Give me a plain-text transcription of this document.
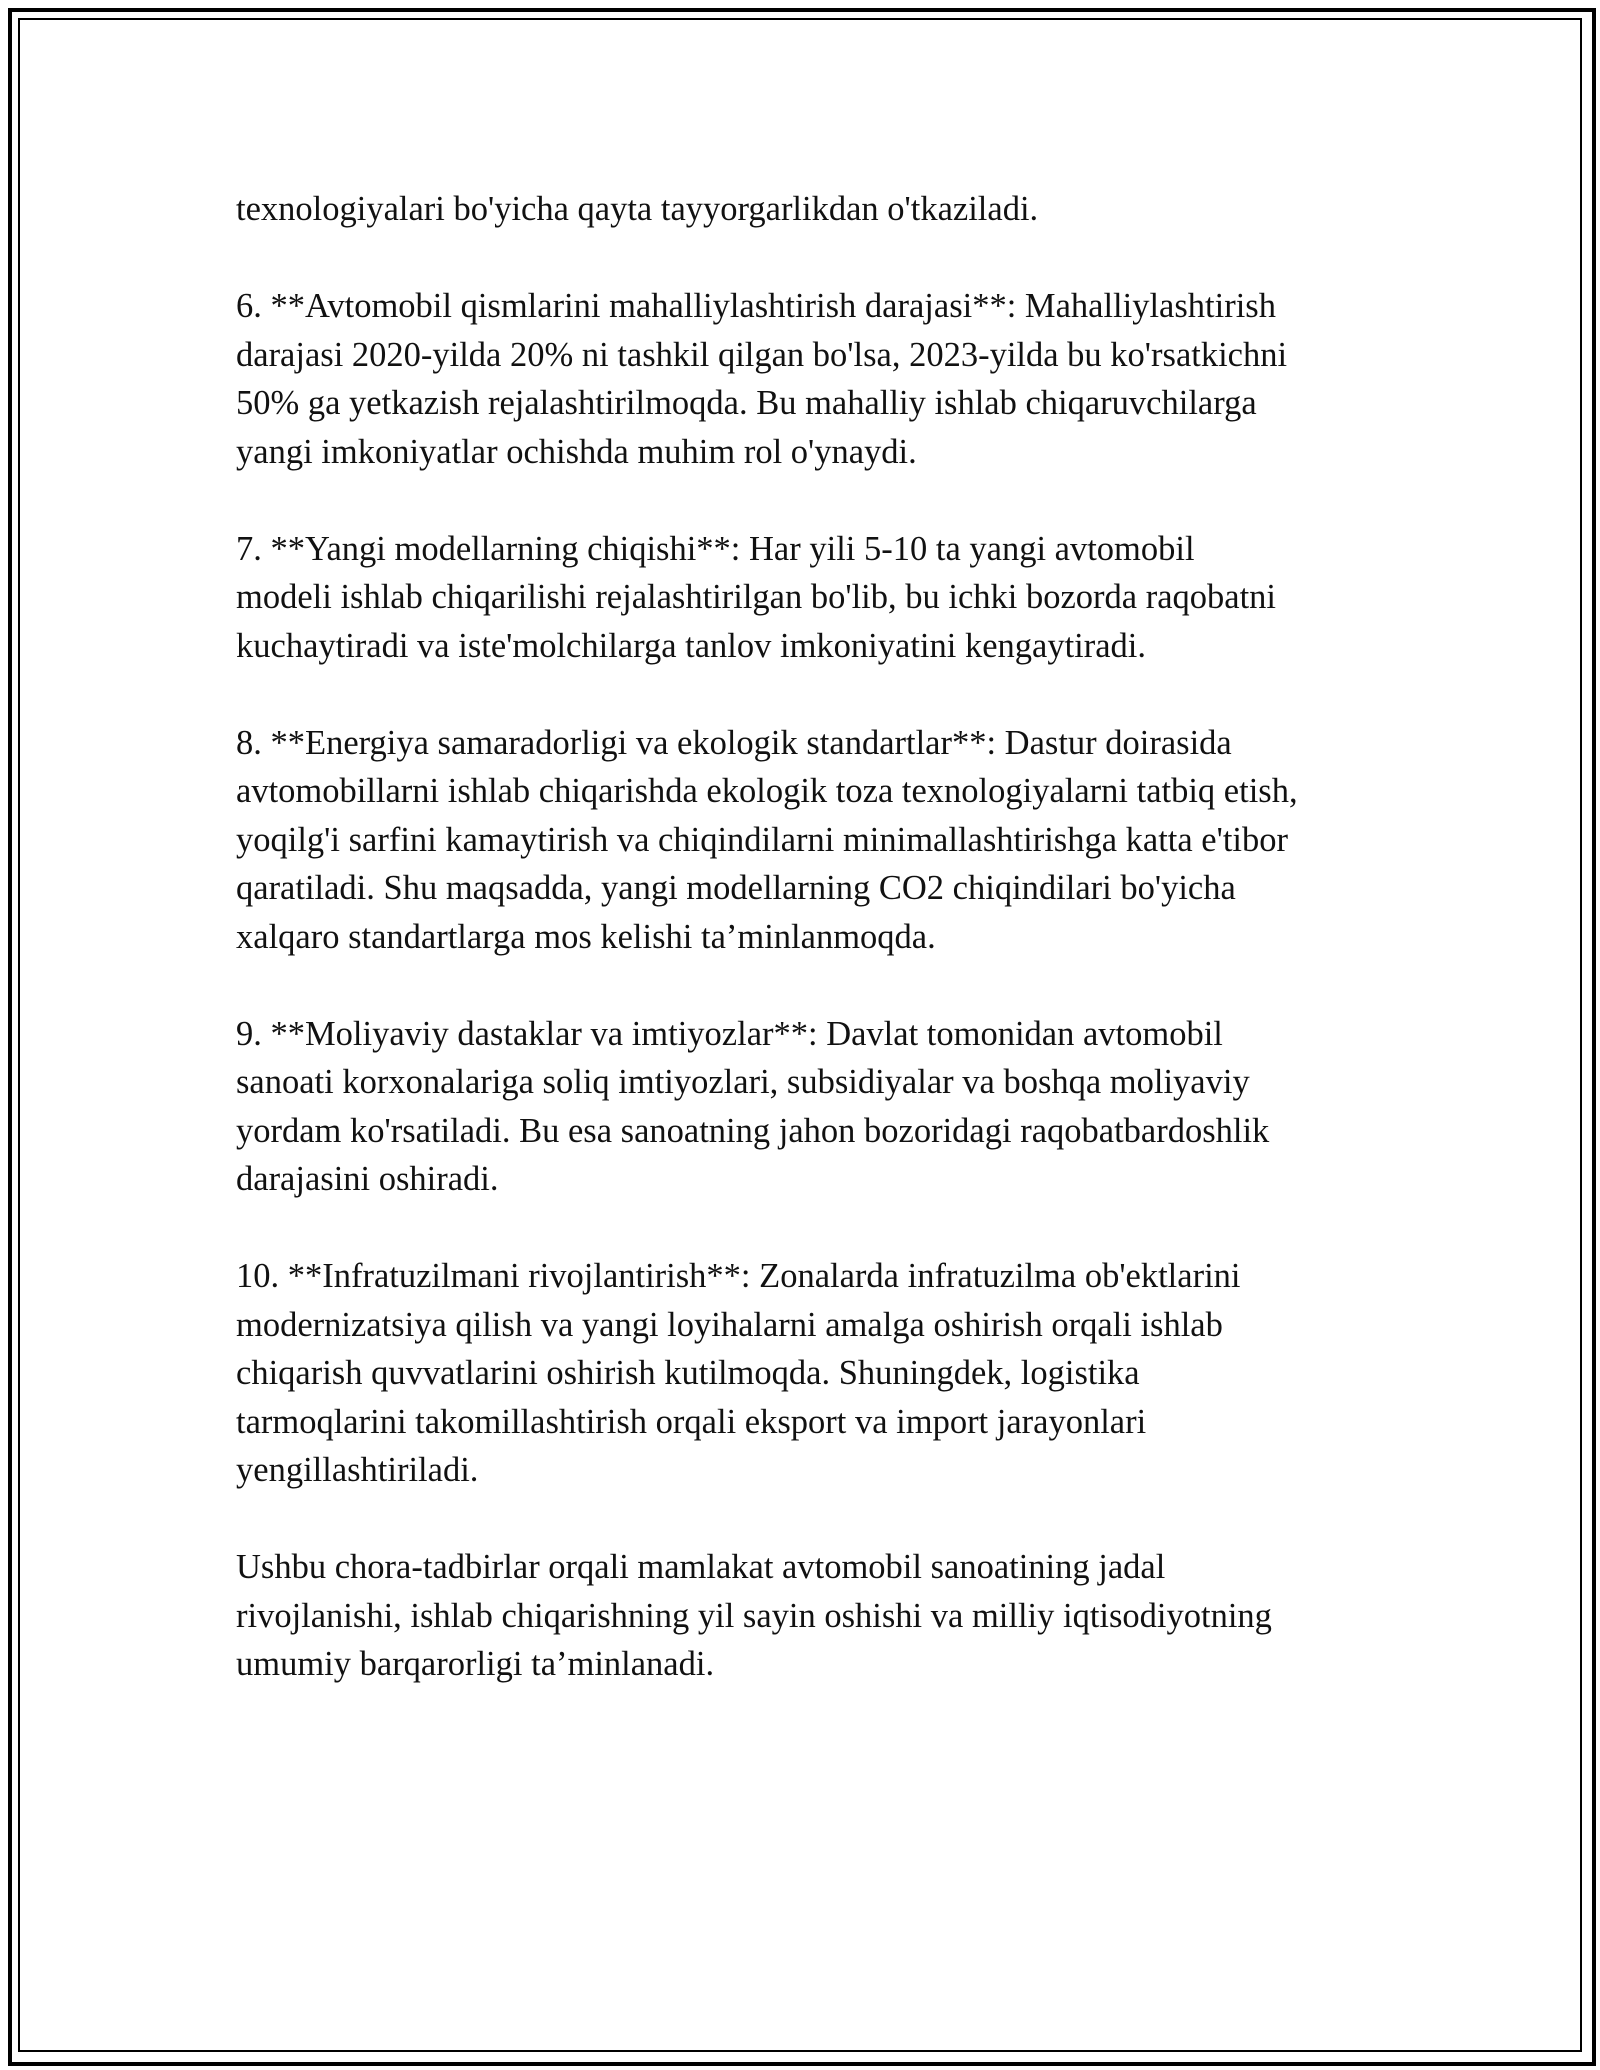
texnologiyalari bo'yicha qayta tayyorgarlikdan o'tkaziladi.

6. **Avtomobil qismlarini mahalliylashtirish darajasi**: Mahalliylashtirish
darajasi 2020-yilda 20% ni tashkil qilgan bo'lsa, 2023-yilda bu ko'rsatkichni
50% ga yetkazish rejalashtirilmoqda. Bu mahalliy ishlab chiqaruvchilarga
yangi imkoniyatlar ochishda muhim rol o'ynaydi.

7. **Yangi modellarning chiqishi**: Har yili 5-10 ta yangi avtomobil
modeli ishlab chiqarilishi rejalashtirilgan bo'lib, bu ichki bozorda raqobatni
kuchaytiradi va iste'molchilarga tanlov imkoniyatini kengaytiradi.

8. **Energiya samaradorligi va ekologik standartlar**: Dastur doirasida
avtomobillarni ishlab chiqarishda ekologik toza texnologiyalarni tatbiq etish,
yoqilg'i sarfini kamaytirish va chiqindilarni minimallashtirishga katta e'tibor
qaratiladi. Shu maqsadda, yangi modellarning CO2 chiqindilari bo'yicha
xalqaro standartlarga mos kelishi ta’minlanmoqda.

9. **Moliyaviy dastaklar va imtiyozlar**: Davlat tomonidan avtomobil
sanoati korxonalariga soliq imtiyozlari, subsidiyalar va boshqa moliyaviy
yordam ko'rsatiladi. Bu esa sanoatning jahon bozoridagi raqobatbardoshlik
darajasini oshiradi.

10. **Infratuzilmani rivojlantirish**: Zonalarda infratuzilma ob'ektlarini
modernizatsiya qilish va yangi loyihalarni amalga oshirish orqali ishlab
chiqarish quvvatlarini oshirish kutilmoqda. Shuningdek, logistika
tarmoqlarini takomillashtirish orqali eksport va import jarayonlari
yengillashtiriladi.

Ushbu chora-tadbirlar orqali mamlakat avtomobil sanoatining jadal
rivojlanishi, ishlab chiqarishning yil sayin oshishi va milliy iqtisodiyotning
umumiy barqarorligi ta’minlanadi.
